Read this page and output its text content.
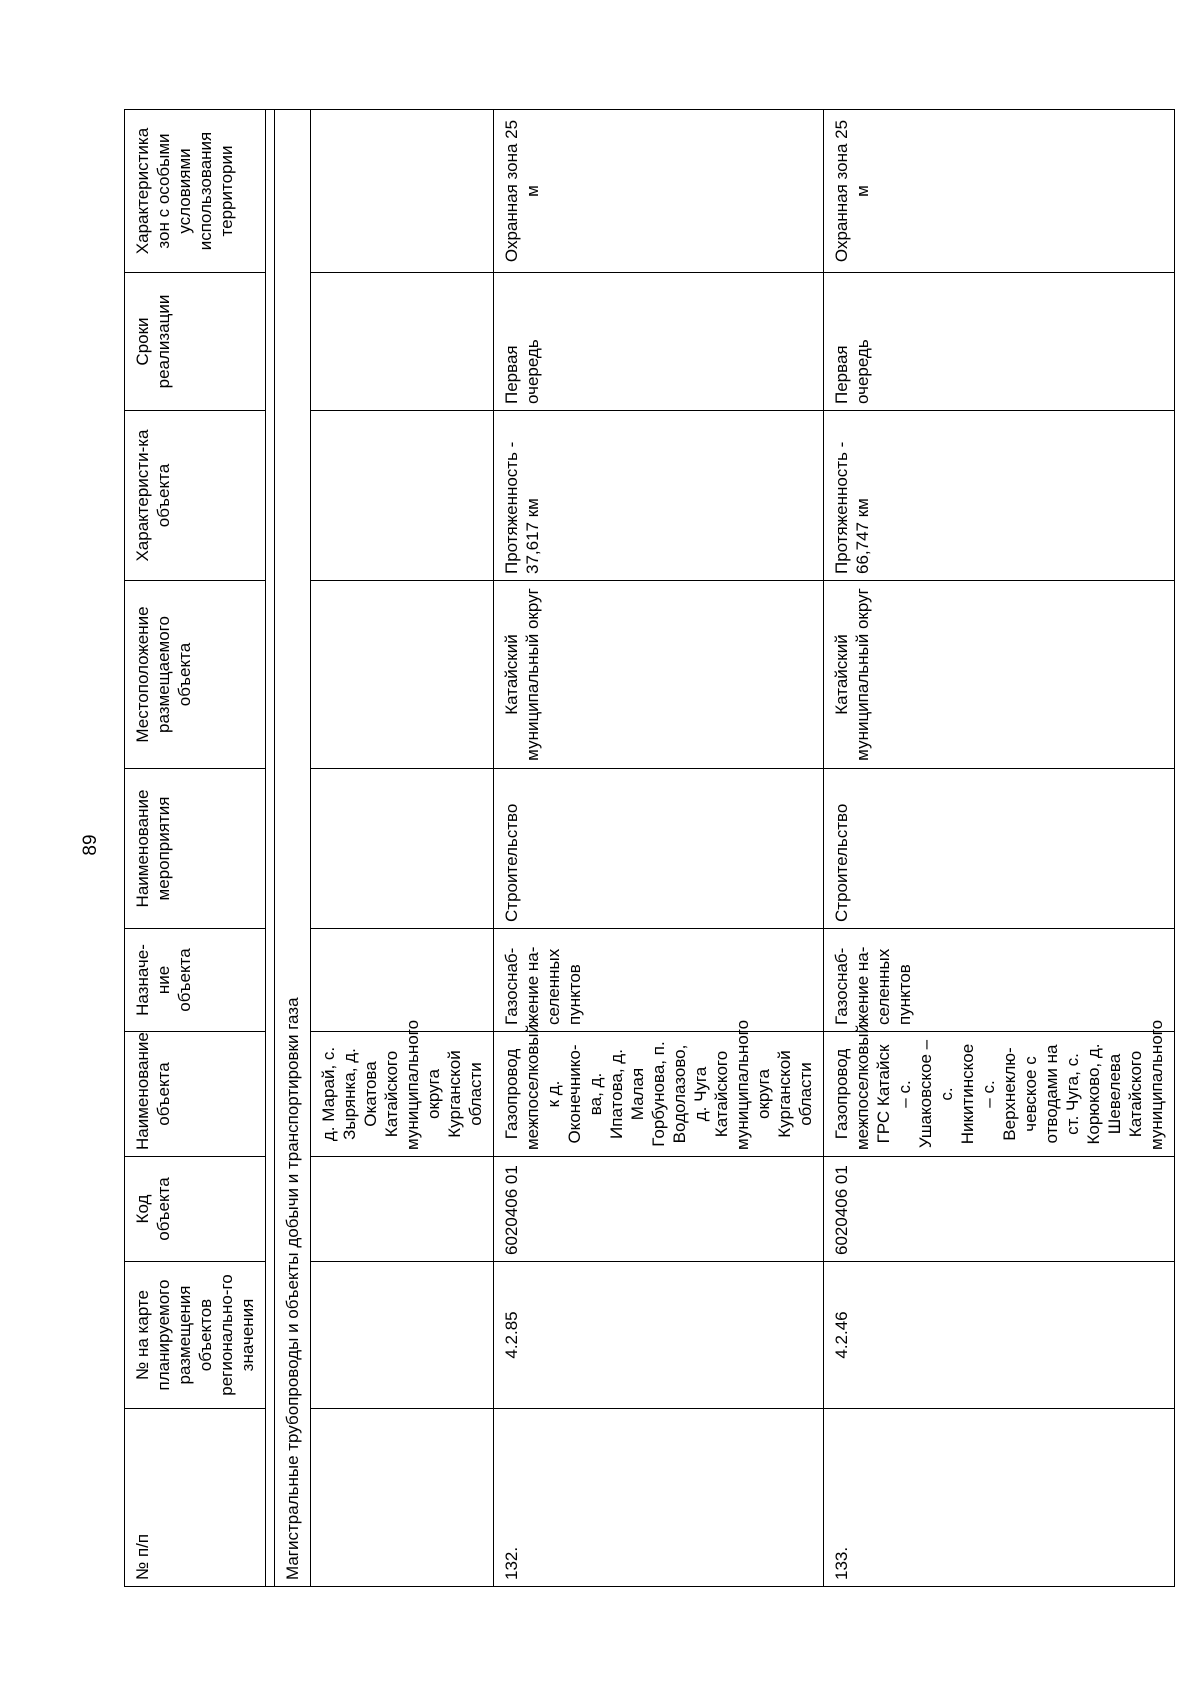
89
№ п/п	№ на карте планируемого размещения объектов регионально-го значения	Код объекта	Наименование объекта	Назначе-ние объекта	Наименование мероприятия	Местоположение размещаемого объекта	Характеристи-ка объекта	Сроки реализации	Характеристика зон с особыми условиями использования территории

Магистральные трубопроводы и объекты добычи и транспортировки газа									
			д. Марай, с. Зырянка, д. Окатова Катайского муниципального округа Курганской области						
132.	4.2.85	6020406 01	Газопровод межпоселковый к д. Оконечнико-ва, д. Ипатова, д. Малая Горбунова, п. Водолазово, д. Чуга Катайского муниципального округа Курганской области	Газоснаб-жение на-селенных пунктов	Строительство	Катайский муниципальный округ	Протяженность - 37,617 км	Первая очередь	Охранная зона 25 м
133.	4.2.46	6020406 01	Газопровод межпоселковый ГРС Катайск – с. Ушаковское – с. Никитинское – с. Верхнеклю-чевское с отводами на ст. Чуга, с. Корюково, д. Шевелева Катайского муниципального	Газоснаб-жение на-селенных пунктов	Строительство	Катайский муниципальный округ	Протяженность - 66,747 км	Первая очередь	Охранная зона 25 м
